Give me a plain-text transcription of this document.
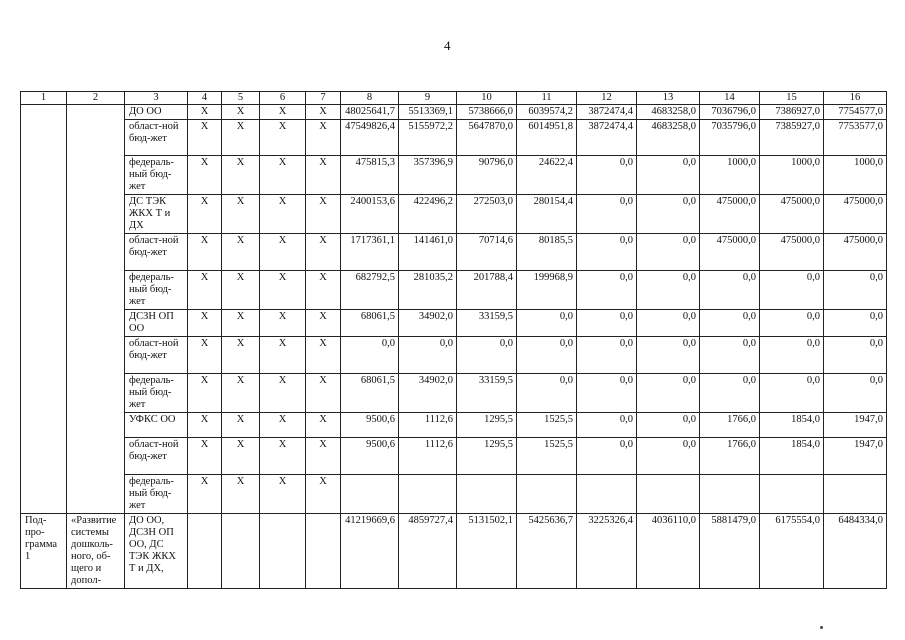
4
1	2	3	4	5	6	7	8	9	10	11	12	13	14	15	16
		ДО ОО	Х	Х	Х	Х	48025641,7	5513369,1	5738666,0	6039574,2	3872474,4	4683258,0	7036796,0	7386927,0	7754577,0
		област-ной бюд-жет	Х	Х	Х	Х	47549826,4	5155972,2	5647870,0	6014951,8	3872474,4	4683258,0	7035796,0	7385927,0	7753577,0
		федераль-ный бюд-жет	Х	Х	Х	Х	475815,3	357396,9	90796,0	24622,4	0,0	0,0	1000,0	1000,0	1000,0
		ДС ТЭК ЖКХ Т и ДХ	Х	Х	Х	Х	2400153,6	422496,2	272503,0	280154,4	0,0	0,0	475000,0	475000,0	475000,0
		област-ной бюд-жет	Х	Х	Х	Х	1717361,1	141461,0	70714,6	80185,5	0,0	0,0	475000,0	475000,0	475000,0
		федераль-ный бюд-жет	Х	Х	Х	Х	682792,5	281035,2	201788,4	199968,9	0,0	0,0	0,0	0,0	0,0
		ДСЗН ОП ОО	Х	Х	Х	Х	68061,5	34902,0	33159,5	0,0	0,0	0,0	0,0	0,0	0,0
		област-ной бюд-жет	Х	Х	Х	Х	0,0	0,0	0,0	0,0	0,0	0,0	0,0	0,0	0,0
		федераль-ный бюд-жет	Х	Х	Х	Х	68061,5	34902,0	33159,5	0,0	0,0	0,0	0,0	0,0	0,0
		УФКС ОО	Х	Х	Х	Х	9500,6	1112,6	1295,5	1525,5	0,0	0,0	1766,0	1854,0	1947,0
		област-ной бюд-жет	Х	Х	Х	Х	9500,6	1112,6	1295,5	1525,5	0,0	0,0	1766,0	1854,0	1947,0
		федераль-ный бюд-жет	Х	Х	Х	Х									
Под-про-грамма 1	«Развитие системы дошколь-ного, об-щего и допол-	ДО ОО, ДСЗН ОП ОО, ДС ТЭК ЖКХ Т и ДХ,					41219669,6	4859727,4	5131502,1	5425636,7	3225326,4	4036110,0	5881479,0	6175554,0	6484334,0
